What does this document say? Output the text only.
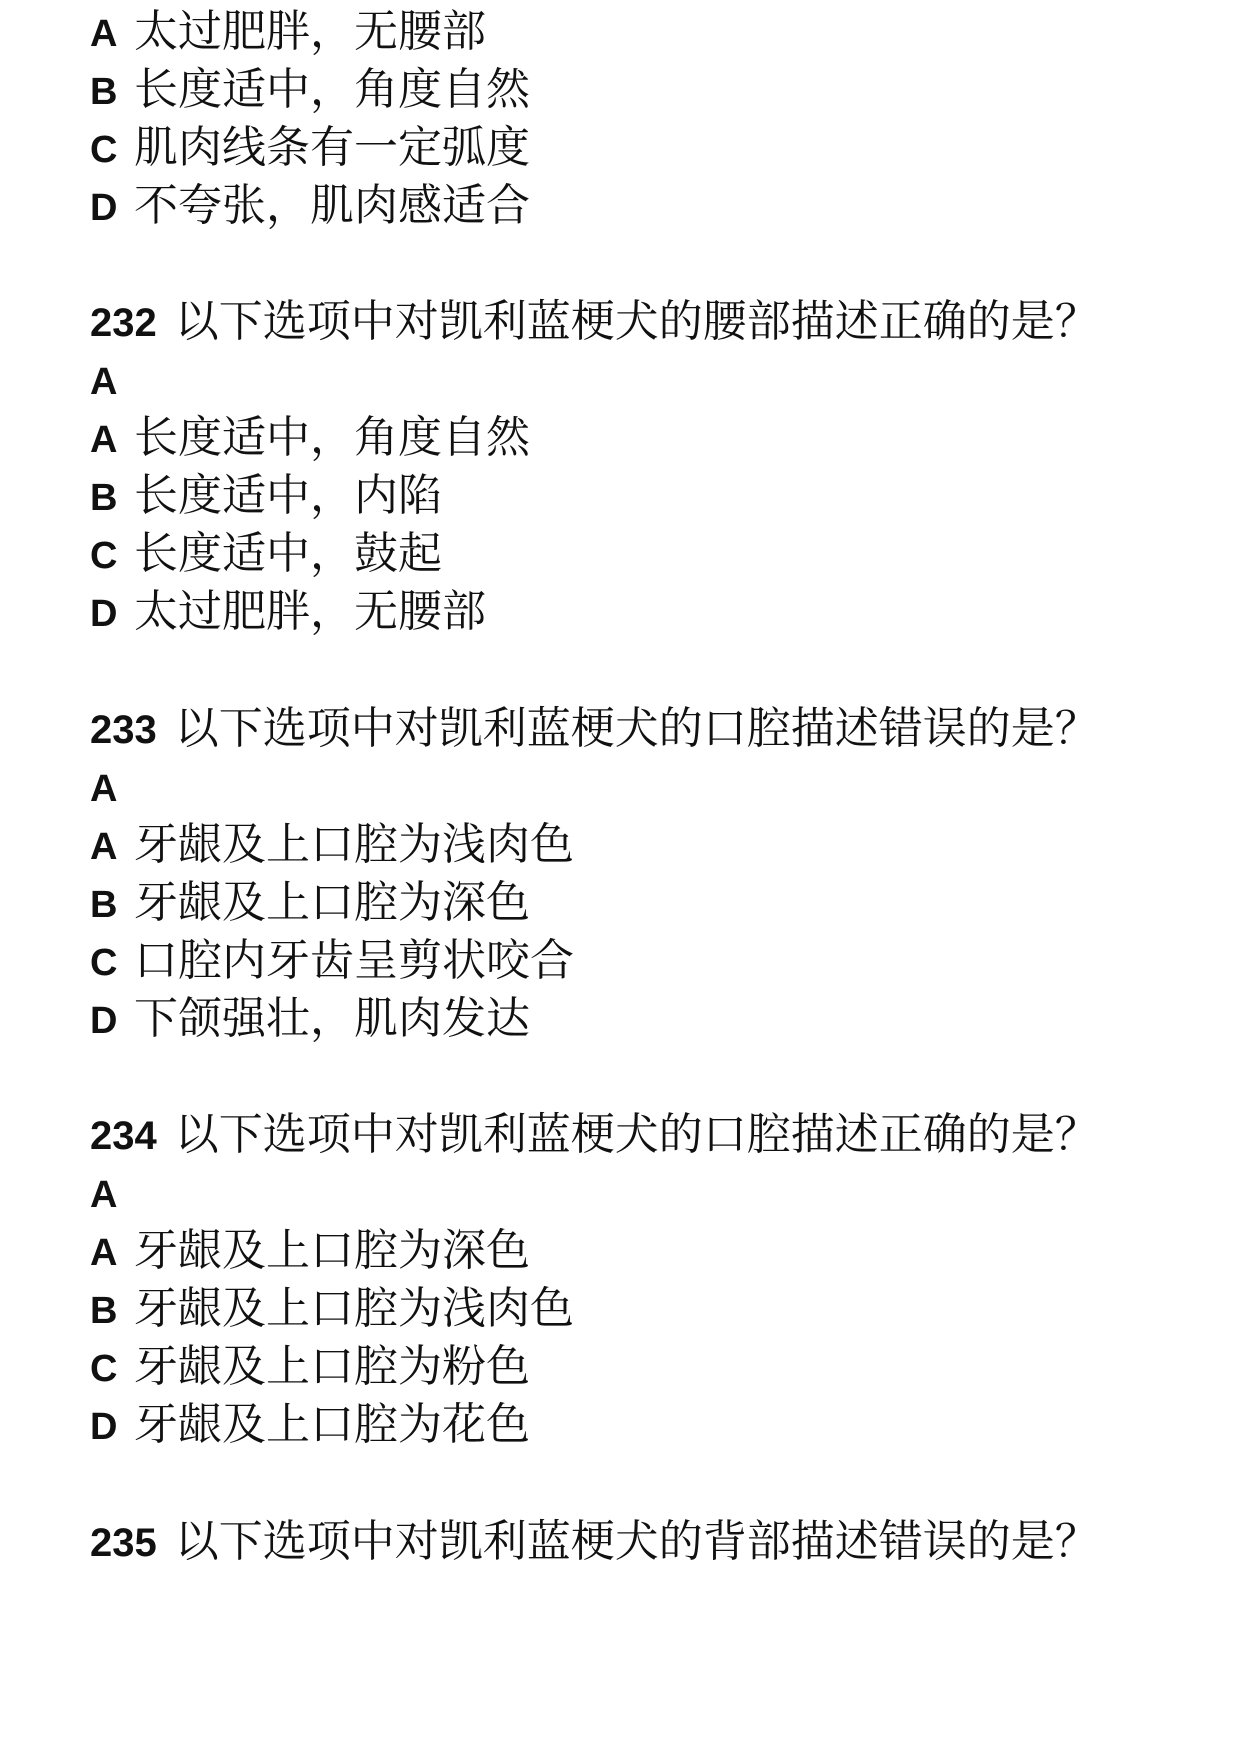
A 太过肥胖，无腰部
B 长度适中，角度自然
C 肌肉线条有一定弧度
D 不夸张，肌肉感适合
232 以下选项中对凯利蓝梗犬的腰部描述正确的是？
A
A 长度适中，角度自然
B 长度适中，内陷
C 长度适中，鼓起
D 太过肥胖，无腰部
233 以下选项中对凯利蓝梗犬的口腔描述错误的是？
A
A 牙龈及上口腔为浅肉色
B 牙龈及上口腔为深色
C 口腔内牙齿呈剪状咬合
D 下颌强壮，肌肉发达
234 以下选项中对凯利蓝梗犬的口腔描述正确的是？
A
A 牙龈及上口腔为深色
B 牙龈及上口腔为浅肉色
C 牙龈及上口腔为粉色
D 牙龈及上口腔为花色
235 以下选项中对凯利蓝梗犬的背部描述错误的是？
